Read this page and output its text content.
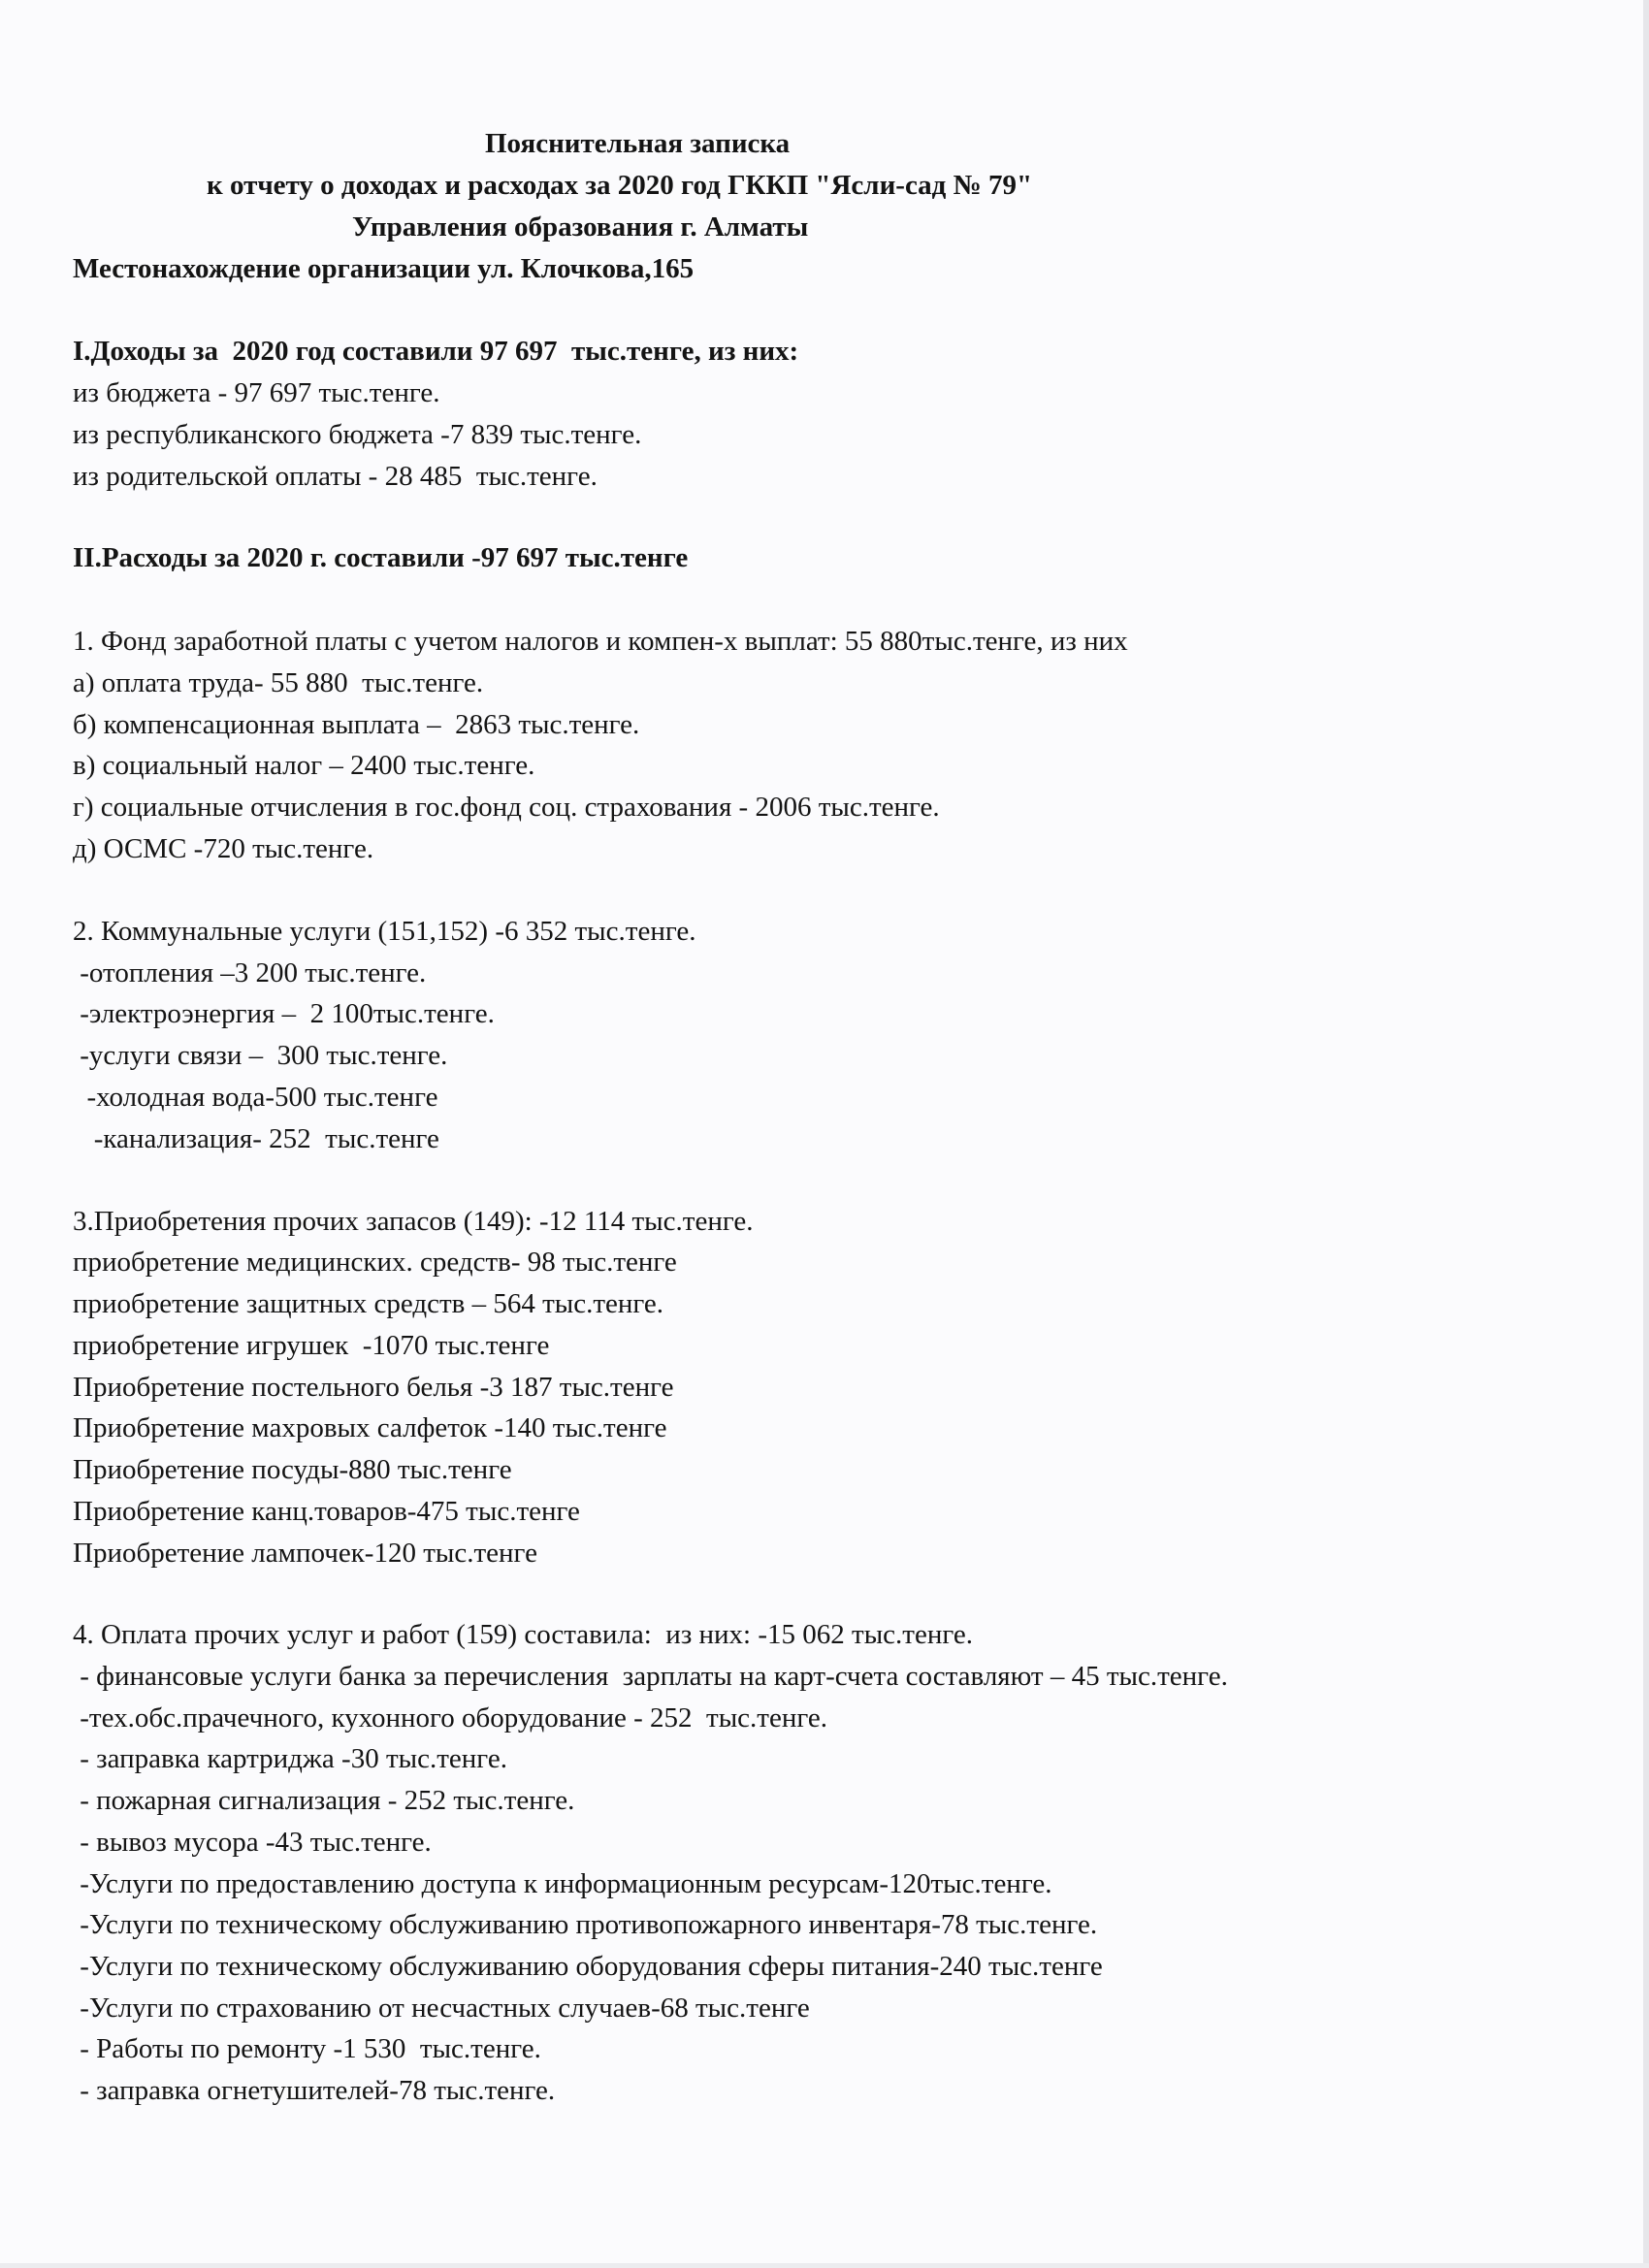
Пояснительная записка
к отчету о доходах и расходах за 2020 год ГККП "Ясли-сад № 79"
Управления образования г. Алматы
Местонахождение организации ул. Клочкова,165
I.Доходы за  2020 год составили 97 697  тыс.тенге, из них:
из бюджета - 97 697 тыс.тенге.
из республиканского бюджета -7 839 тыс.тенге.
из родительской оплаты - 28 485  тыс.тенге.
II.Расходы за 2020 г. составили -97 697 тыс.тенге
1. Фонд заработной платы с учетом налогов и компен-х выплат: 55 880тыс.тенге, из них
а) оплата труда- 55 880  тыс.тенге.
б) компенсационная выплата –  2863 тыс.тенге.
в) социальный налог – 2400 тыс.тенге.
г) социальные отчисления в гос.фонд соц. страхования - 2006 тыс.тенге.
д) ОСМС -720 тыс.тенге.
2. Коммунальные услуги (151,152) -6 352 тыс.тенге.
-отопления –3 200 тыс.тенге.
-электроэнергия –  2 100тыс.тенге.
-услуги связи –  300 тыс.тенге.
-холодная вода-500 тыс.тенге
-канализация- 252  тыс.тенге
3.Приобретения прочих запасов (149): -12 114 тыс.тенге.
приобретение медицинских. средств- 98 тыс.тенге
приобретение защитных средств – 564 тыс.тенге.
приобретение игрушек  -1070 тыс.тенге
Приобретение постельного белья -3 187 тыс.тенге
Приобретение махровых салфеток -140 тыс.тенге
Приобретение посуды-880 тыс.тенге
Приобретение канц.товаров-475 тыс.тенге
Приобретение лампочек-120 тыс.тенге
4. Оплата прочих услуг и работ (159) составила:  из них: -15 062 тыс.тенге.
- финансовые услуги банка за перечисления  зарплаты на карт-счета составляют – 45 тыс.тенге.
-тех.обс.прачечного, кухонного оборудование - 252  тыс.тенге.
- заправка картриджа -30 тыс.тенге.
- пожарная сигнализация - 252 тыс.тенге.
- вывоз мусора -43 тыс.тенге.
-Услуги по предоставлению доступа к информационным ресурсам-120тыс.тенге.
-Услуги по техническому обслуживанию противопожарного инвентаря-78 тыс.тенге.
-Услуги по техническому обслуживанию оборудования сферы питания-240 тыс.тенге
-Услуги по страхованию от несчастных случаев-68 тыс.тенге
- Работы по ремонту -1 530  тыс.тенге.
- заправка огнетушителей-78 тыс.тенге.
